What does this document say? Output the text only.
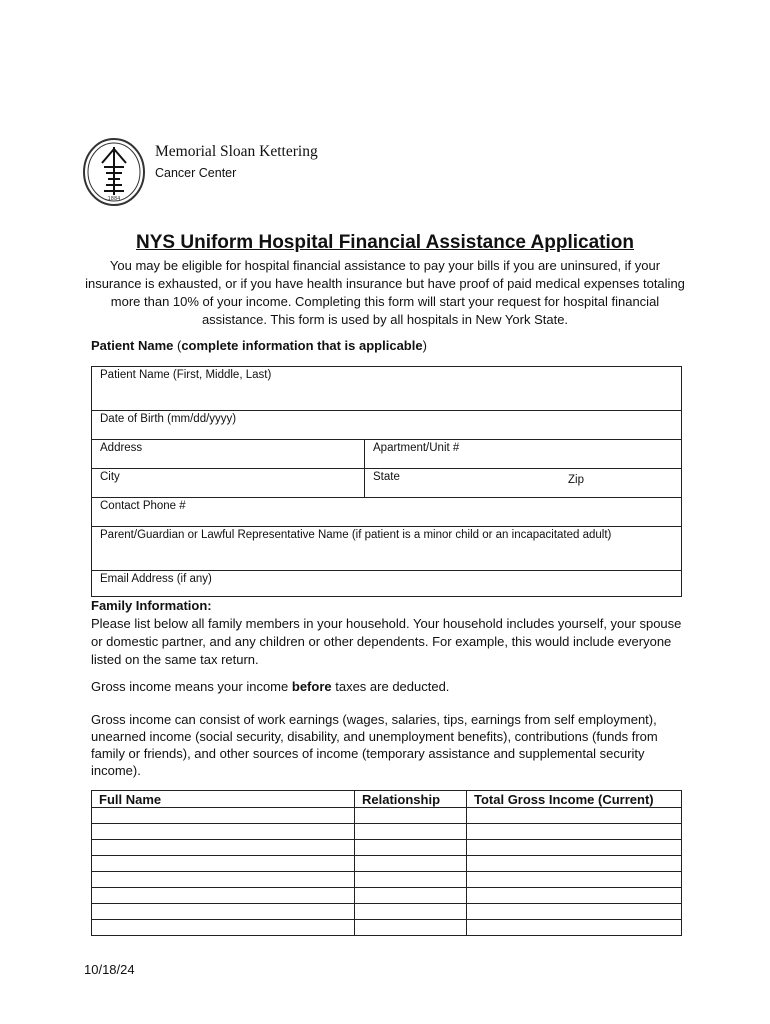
1884
Memorial Sloan Kettering
Cancer Center
NYS Uniform Hospital Financial Assistance Application
You may be eligible for hospital financial assistance to pay your bills if you are uninsured, if your insurance is exhausted, or if you have health insurance but have proof of paid medical expenses totaling more than 10% of your income. Completing this form will start your request for hospital financial assistance. This form is used by all hospitals in New York State.
Patient Name (complete information that is applicable)
Patient Name (First, Middle, Last)
Date of Birth (mm/dd/yyyy)
Address	Apartment/Unit #
City	State	Zip
Contact Phone #
Parent/Guardian or Lawful Representative Name (if patient is a minor child or an incapacitated adult)
Email Address (if any)

Family Information:

Please list below all family members in your household. Your household includes yourself, your spouse or domestic partner, and any children or other dependents. For example, this would include everyone listed on the same tax return.

Gross income means your income before taxes are deducted.
Gross income can consist of work earnings (wages, salaries, tips, earnings from self employment), unearned income (social security, disability, and unemployment benefits), contributions (funds from family or friends), and other sources of income (temporary assistance and supplemental security income).
Full Name	Relationship	Total Gross Income (Current)

10/18/24
